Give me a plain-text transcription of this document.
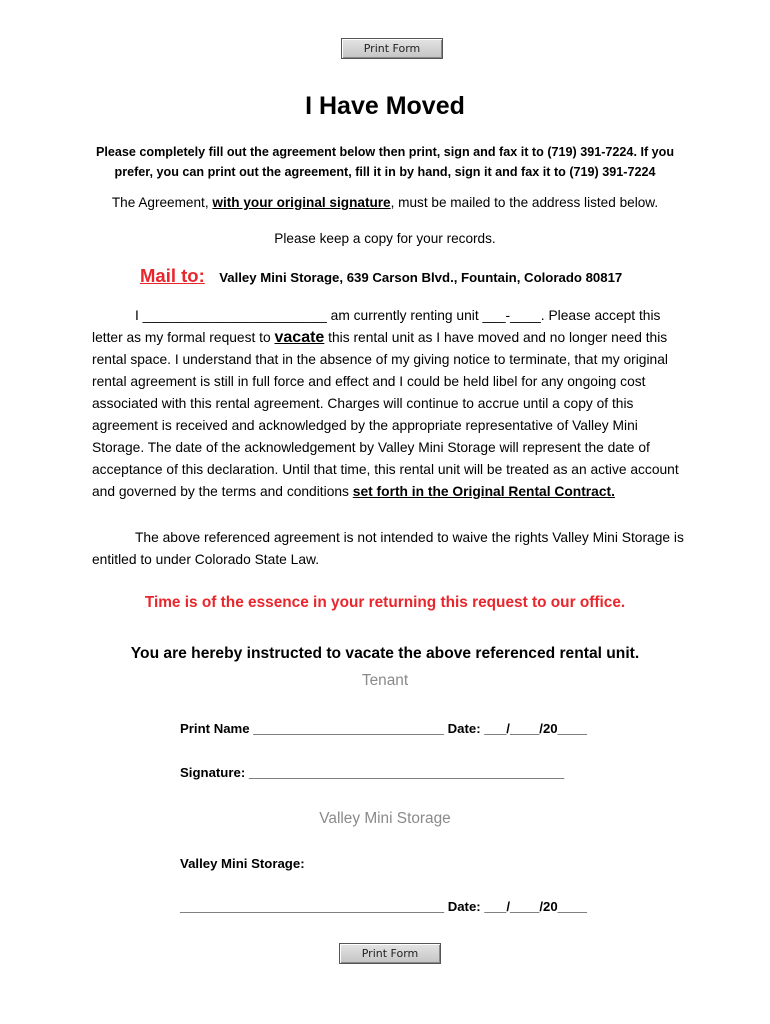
Print Form
I Have Moved
Please completely fill out the agreement below then print, sign and fax it to (719) 391-7224. If you
prefer, you can print out the agreement, fill it in by hand, sign it and fax it to (719) 391-7224
The Agreement, with your original signature, must be mailed to the address listed below.
Please keep a copy for your records.
Mail to: Valley Mini Storage, 639 Carson Blvd., Fountain, Colorado 80817
I ________________________ am currently renting unit ___-____. Please accept this letter as my formal request to vacate this rental unit as I have moved and no longer need this rental space. I understand that in the absence of my giving notice to terminate, that my original rental agreement is still in full force and effect and I could be held libel for any ongoing cost associated with this rental agreement. Charges will continue to accrue until a copy of this agreement is received and acknowledged by the appropriate representative of Valley Mini Storage. The date of the acknowledgement by Valley Mini Storage will represent the date of acceptance of this declaration. Until that time, this rental unit will be treated as an active account and governed by the terms and conditions set forth in the Original Rental Contract.
The above referenced agreement is not intended to waive the rights Valley Mini Storage is entitled to under Colorado State Law.
Time is of the essence in your returning this request to our office.
You are hereby instructed to vacate the above referenced rental unit.
Tenant
Print Name __________________________ Date: ___/____/20____
Signature: ___________________________________________
Valley Mini Storage
Valley Mini Storage:
____________________________________ Date: ___/____/20____
Print Form
